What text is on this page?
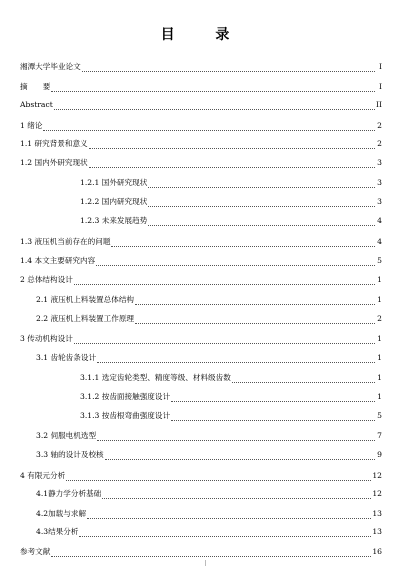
目 录
湘潭大学毕业论文	I
摘　　要	I
Abstract	II
1 绪论	2
1.1 研究背景和意义	2
1.2 国内外研究现状	3
1.2.1 国外研究现状	3
1.2.2 国内研究现状	3
1.2.3 未来发展趋势	4
1.3 液压机当前存在的问题	4
1.4 本文主要研究内容	5
2 总体结构设计	1
2.1 液压机上料装置总体结构	1
2.2 液压机上料装置工作原理	2
3 传动机构设计	1
3.1 齿轮齿条设计	1
3.1.1 选定齿轮类型、精度等级、材料级齿数	1
3.1.2 按齿面接触强度设计	1
3.1.3 按齿根弯曲强度设计	5
3.2 伺服电机选型	7
3.3 轴的设计及校核	9
4 有限元分析	12
4.1静力学分析基础	12
4.2加载与求解	13
4.3结果分析	13
参考文献	16
